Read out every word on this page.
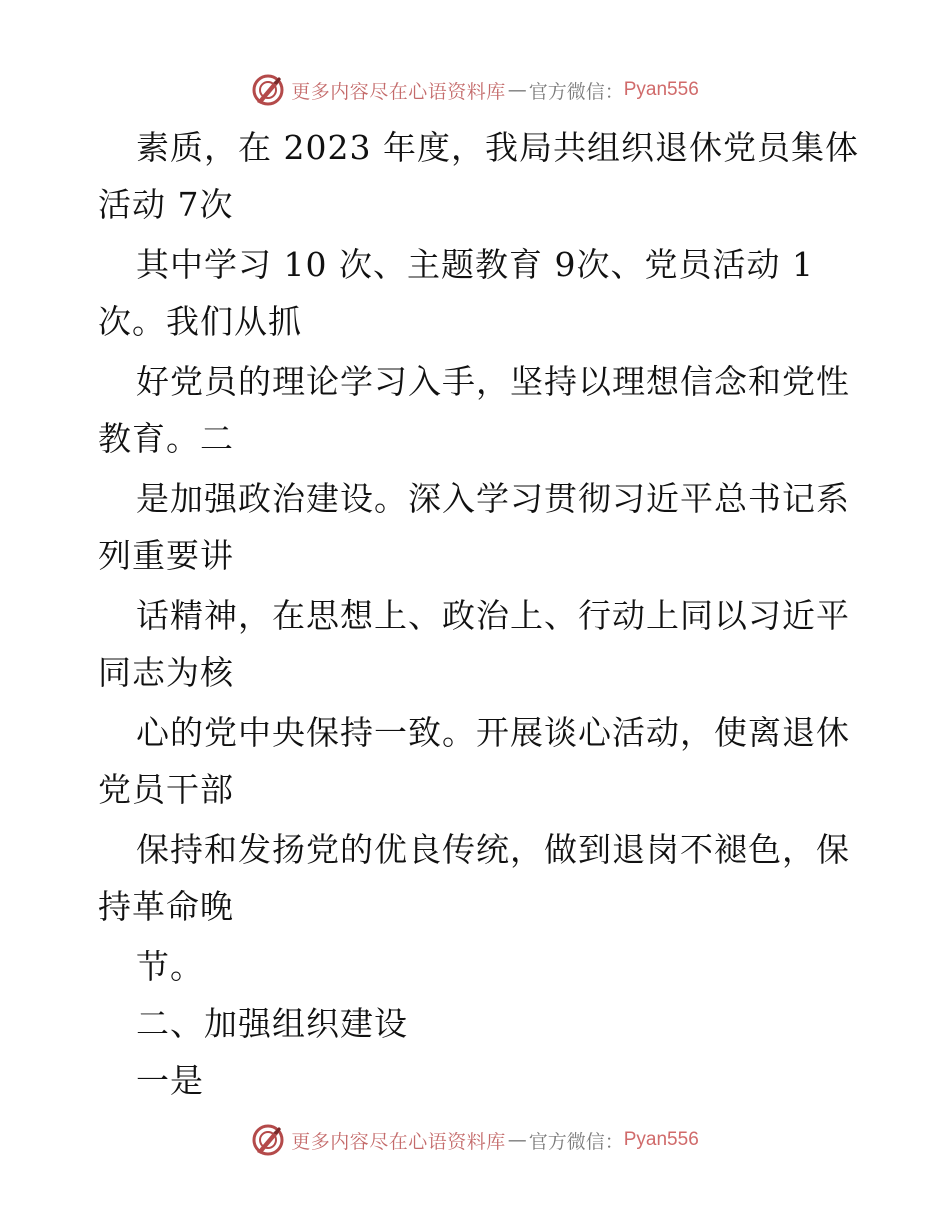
更多内容尽在心语资料库 — 官方微信： Pyan556
素质，在 2023 年度，我局共组织退休党员集体
活动 7次
其中学习 10 次、主题教育 9次、党员活动 1
次。我们从抓
好党员的理论学习入手，坚持以理想信念和党性
教育。二
是加强政治建设。深入学习贯彻习近平总书记系
列重要讲
话精神，在思想上、政治上、行动上同以习近平
同志为核
心的党中央保持一致。开展谈心活动，使离退休
党员干部
保持和发扬党的优良传统，做到退岗不褪色，保
持革命晚
节。
二、加强组织建设
一是
更多内容尽在心语资料库 — 官方微信： Pyan556
